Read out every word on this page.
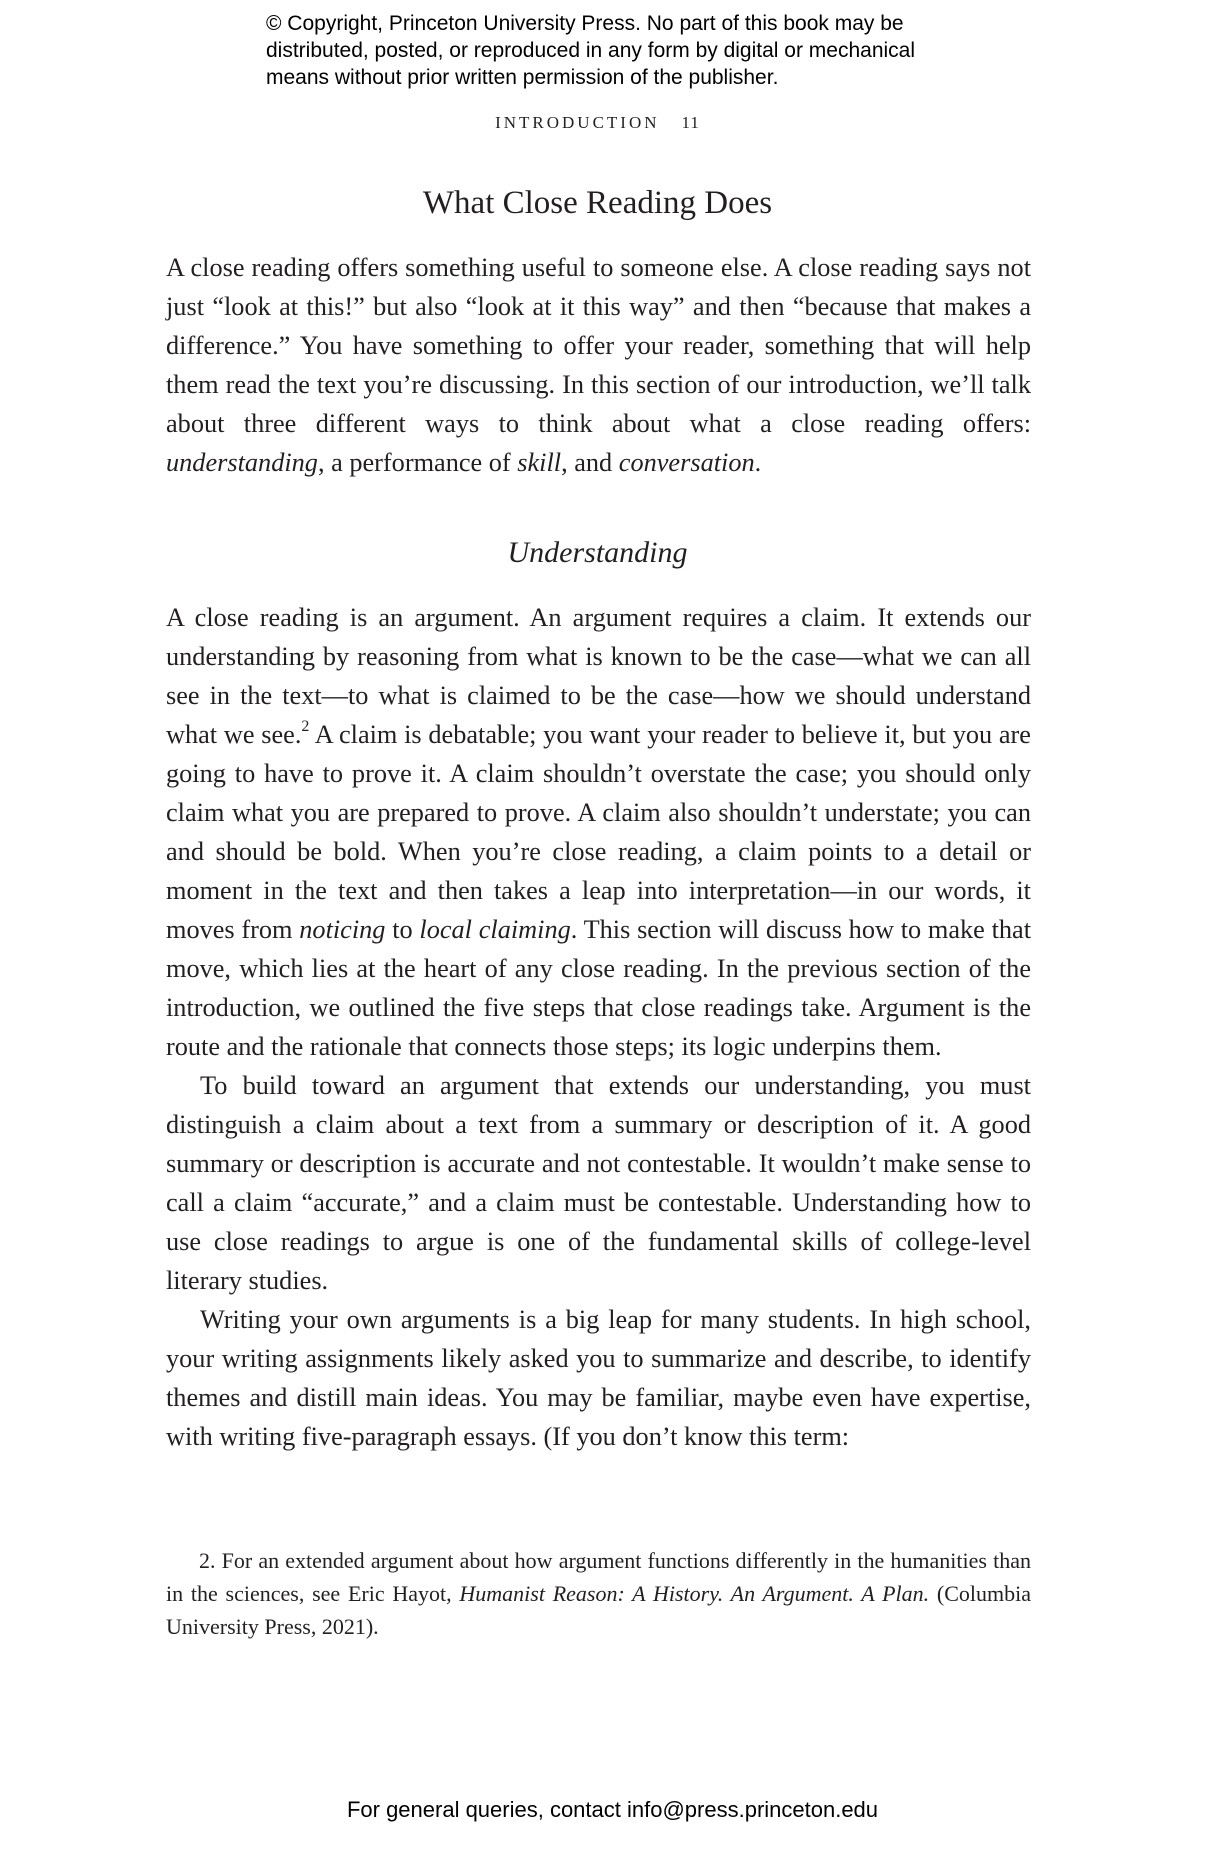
© Copyright, Princeton University Press. No part of this book may be
distributed, posted, or reproduced in any form by digital or mechanical
means without prior written permission of the publisher.
INTRODUCTION 11
What Close Reading Does

A close reading offers something useful to someone else. A close reading says not just “look at this!” but also “look at it this way” and then “because that makes a difference.” You have something to offer your reader, something that will help them read the text you’re discussing. In this section of our introduction, we’ll talk about three different ways to think about what a close reading offers: understanding, a performance of skill, and conversation.

Understanding

A close reading is an argument. An argument requires a claim. It extends our understanding by reasoning from what is known to be the case—what we can all see in the text—to what is claimed to be the case—how we should understand what we see.$^2$ A claim is debatable; you want your reader to believe it, but you are going to have to prove it. A claim shouldn’t overstate the case; you should only claim what you are prepared to prove. A claim also shouldn’t understate; you can and should be bold. When you’re close reading, a claim points to a detail or moment in the text and then takes a leap into interpretation—in our words, it moves from noticing to local claiming. This section will discuss how to make that move, which lies at the heart of any close reading. In the previous section of the introduction, we outlined the five steps that close readings take. Argument is the route and the rationale that connects those steps; its logic underpins them.

To build toward an argument that extends our understanding, you must distinguish a claim about a text from a summary or description of it. A good summary or description is accurate and not contestable. It wouldn’t make sense to call a claim “accurate,” and a claim must be contestable. Understanding how to use close readings to argue is one of the fundamental skills of college-level literary studies.

Writing your own arguments is a big leap for many students. In high school, your writing assignments likely asked you to summarize and describe, to identify themes and distill main ideas. You may be familiar, maybe even have expertise, with writing five-paragraph essays. (If you don’t know this term:

2. For an extended argument about how argument functions differently in the humanities than in the sciences, see Eric Hayot, Humanist Reason: A History. An Argument. A Plan. (Columbia University Press, 2021).
For general queries, contact info@press.princeton.edu
